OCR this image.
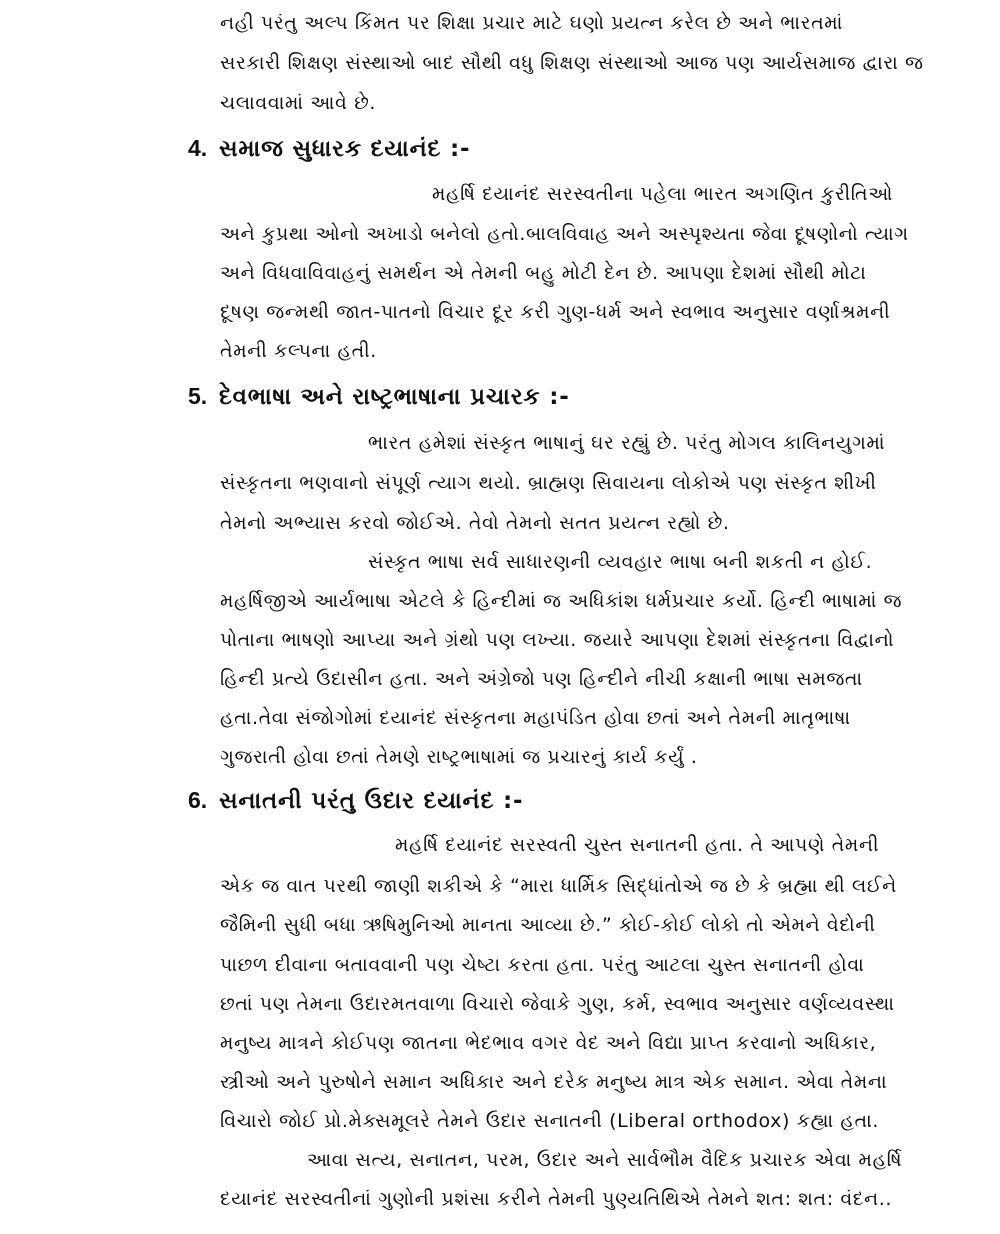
નહી પરંતુ અલ્પ કિંમત પર શિક્ષા પ્રચાર માટે ઘણો પ્રયત્ન કરેલ છે અને ભારતમાં

સરકારી શિક્ષણ સંસ્થાઓ બાદ સૌથી વધુ શિક્ષણ સંસ્થાઓ આજ પણ આર્યસમાજ દ્વારા જ

ચલાવવામાં આવે છે.

4. સમાજ સુધારક દયાનંદ :-

મહર્ષિ દયાનંદ સરસ્વતીના પહેલા ભારત અગણિત કુરીતિઓ

અને કુપ્રથા ઓનો અખાડો બનેલો હતો.બાલવિવાહ અને અસ્પૃશ્યતા જેવા દૂષણોનો ત્યાગ

અને વિધવાવિવાહનું સમર્થન એ તેમની બહુ મોટી દેન છે. આપણા દેશમાં સૌથી મોટા

દૂષણ જન્મથી જાત-પાતનો વિચાર દૂર કરી ગુણ-ધર્મ અને સ્વભાવ અનુસાર વર્ણાશ્રમની

તેમની કલ્પના હતી.

5. દેવભાષા અને રાષ્ટ્રભાષાના પ્રચારક :-

ભારત હમેશાં સંસ્કૃત ભાષાનું ઘર રહ્યું છે. પરંતુ મોગલ કાલિનયુગમાં

સંસ્કૃતના ભણવાનો સંપૂર્ણ ત્યાગ થયો. બ્રાહ્મણ સિવાયના લોકોએ પણ સંસ્કૃત શીખી

તેમનો અભ્યાસ કરવો જોઈએ. તેવો તેમનો સતત પ્રયત્ન રહ્યો છે.

સંસ્કૃત ભાષા સર્વ સાધારણની વ્યવહાર ભાષા બની શકતી ન હોઈ.

મહર્ષિજીએ આર્યભાષા એટલે કે હિન્દીમાં જ અધિકાંશ ધર્મપ્રચાર કર્યો. હિન્દી ભાષામાં જ

પોતાના ભાષણો આપ્યા અને ગ્રંથો પણ લખ્યા. જયારે આપણા દેશમાં સંસ્કૃતના વિદ્વાનો

હિન્દી પ્રત્યે ઉદાસીન હતા. અને અંગ્રેજો પણ હિન્દીને નીચી કક્ષાની ભાષા સમજતા

હતા.તેવા સંજોગોમાં દયાનંદ સંસ્કૃતના મહાપંડિત હોવા છતાં અને તેમની માતૃભાષા

ગુજરાતી હોવા છતાં તેમણે રાષ્ટ્રભાષામાં જ પ્રચારનું કાર્ય કર્યું .

6. સનાતની પરંતુ ઉદાર દયાનંદ :-

મહર્ષિ દયાનંદ સરસ્વતી ચુસ્ત સનાતની હતા. તે આપણે તેમની

એક જ વાત પરથી જાણી શકીએ કે “મારા ધાર્મિક સિદ્ધાંતોએ જ છે કે બ્રહ્મા થી લઈને

જૈમિની સુધી બધા ઋષિમુનિઓ માનતા આવ્યા છે.” કોઈ-કોઈ લોકો તો એમને વેદોની

પાછળ દીવાના બતાવવાની પણ ચેષ્ટા કરતા હતા. પરંતુ આટલા ચુસ્ત સનાતની હોવા

છતાં પણ તેમના ઉદારમતવાળા વિચારો જેવાકે ગુણ, કર્મ, સ્વભાવ અનુસાર વર્ણવ્યવસ્થા

મનુષ્ય માત્રને કોઈપણ જાતના ભેદભાવ વગર વેદ અને વિદ્યા પ્રાપ્ત કરવાનો અધિકાર,

સ્ત્રીઓ અને પુરુષોને સમાન અધિકાર અને દરેક મનુષ્ય માત્ર એક સમાન. એવા તેમના

વિચારો જોઈ પ્રો.મેક્સમૂલરે તેમને ઉદાર સનાતની (Liberal orthodox) કહ્યા હતા.

આવા સત્ય, સનાતન, પરમ, ઉદાર અને સાર્વભૌમ વૈદિક પ્રચારક એવા મહર્ષિ

દયાનંદ સરસ્વતીનાં ગુણોની પ્રશંસા કરીને તેમની પુણ્યતિથિએ તેમને શત: શત: વંદન..
